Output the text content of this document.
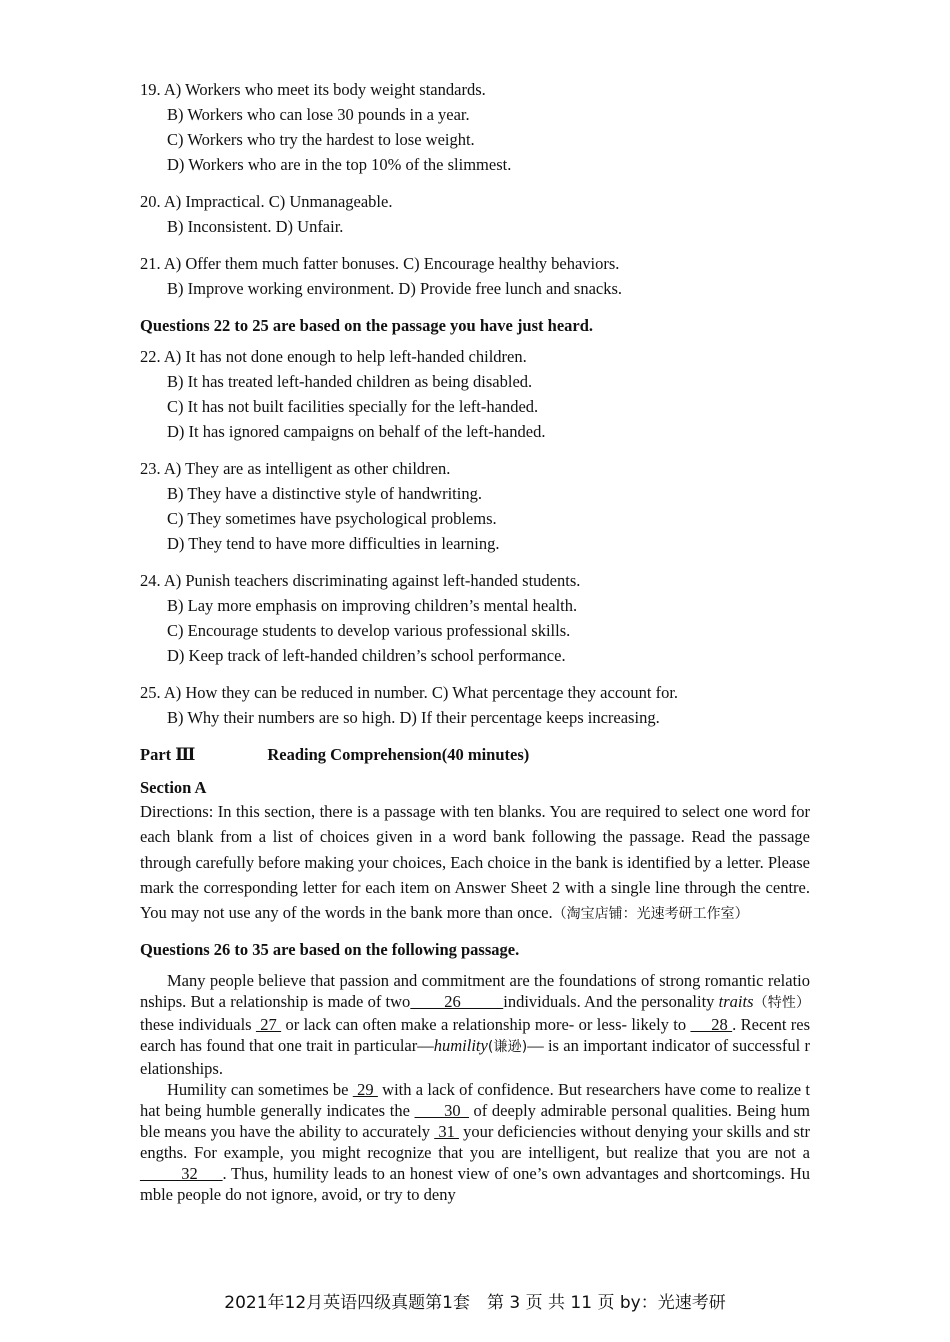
19. A) Workers who meet its body weight standards.
B) Workers who can lose 30 pounds in a year.
C) Workers who try the hardest to lose weight.
D) Workers who are in the top 10% of the slimmest.
20. A) Impractical. C) Unmanageable.
B) Inconsistent. D) Unfair.
21. A) Offer them much fatter bonuses. C) Encourage healthy behaviors.
B) Improve working environment. D) Provide free lunch and snacks.
Questions 22 to 25 are based on the passage you have just heard.
22. A) It has not done enough to help left-handed children.
B) It has treated left-handed children as being disabled.
C) It has not built facilities specially for the left-handed.
D) It has ignored campaigns on behalf of the left-handed.
23. A) They are as intelligent as other children.
B) They have a distinctive style of handwriting.
C) They sometimes have psychological problems.
D) They tend to have more difficulties in learning.
24. A) Punish teachers discriminating against left-handed students.
B) Lay more emphasis on improving children’s mental health.
C) Encourage students to develop various professional skills.
D) Keep track of left-handed children’s school performance.
25. A) How they can be reduced in number. C) What percentage they account for.
B) Why their numbers are so high. D) If their percentage keeps increasing.
Part Ⅲ	Reading Comprehension(40 minutes)
Section A
Directions: In this section, there is a passage with ten blanks. You are required to select one word for each blank from a list of choices given in a word bank following the passage. Read the passage through carefully before making your choices, Each choice in the bank is identified by a letter. Please mark the corresponding letter for each item on Answer Sheet 2 with a single line through the centre. You may not use any of the words in the bank more than once.（淘宝店铺：光速考研工作室）
Questions 26 to 35 are based on the following passage.

Many people believe that passion and commitment are the foundations of strong romantic relationships. But a relationship is made of two        26          individuals. And the personality traits（特性）these individuals  27  or lack can often make a relationship more- or less- likely to  __28 . Recent research has found that one trait in particular—humility(谦逊)— is an important indicator of successful relationships.

Humility can sometimes be  29  with a lack of confidence. But researchers have come to realize that being humble generally indicates the _ __30_ of deeply admirable personal qualities. Being humble means you have the ability to accurately  31  your deficiencies without denying your skills and strengths. For example, you might recognize that you are intelligent, but realize that you are not a _____32___. Thus, humility leads to an honest view of one’s own advantages and shortcomings. Humble people do not ignore, avoid, or try to deny

2021年12月英语四级真题第1套　第 3 页 共 11 页 by：光速考研
